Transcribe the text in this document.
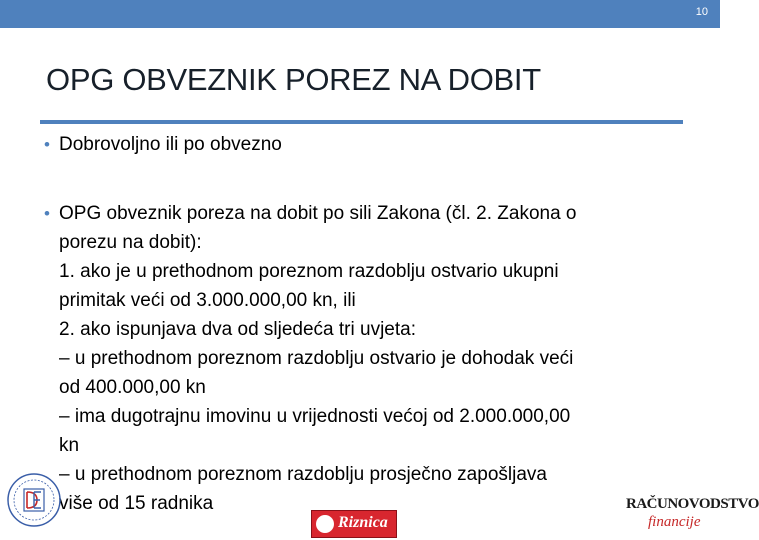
10
OPG OBVEZNIK POREZ NA DOBIT
• Dobrovoljno ili po obvezno
• OPG obveznik poreza na dobit po sili Zakona (čl. 2. Zakona o
porezu na dobit):
1. ako je u prethodnom poreznom razdoblju ostvario ukupni
primitak veći od 3.000.000,00 kn, ili
2. ako ispunjava dva od sljedeća tri uvjeta:
– u prethodnom poreznom razdoblju ostvario je dohodak veći
od 400.000,00 kn
– ima dugotrajnu imovinu u vrijednosti većoj od 2.000.000,00
kn
– u prethodnom poreznom razdoblju prosječno zapošljava
više od 15 radnika
Riznica
RAČUNOVODSTVO
financije
